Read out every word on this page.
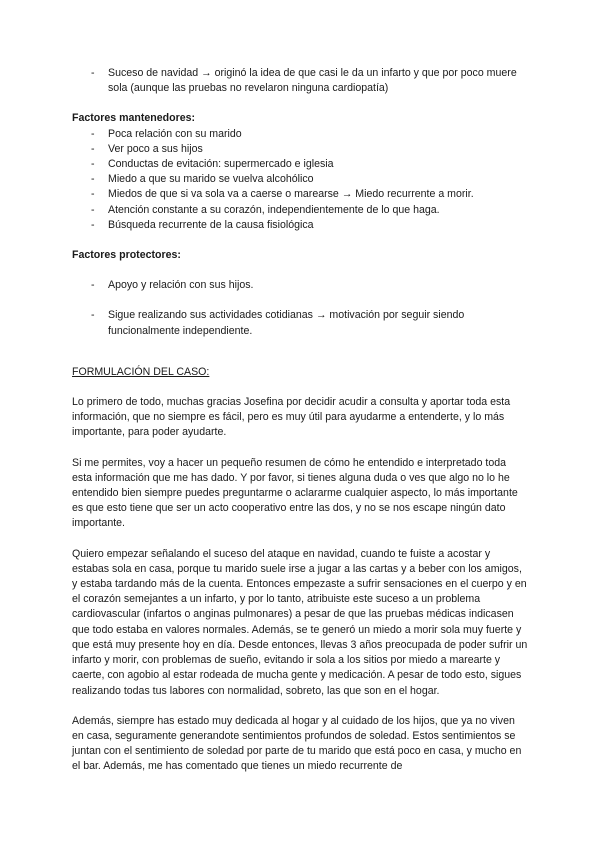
-	Suceso de navidad → originó la idea de que casi le da un infarto y que por poco muere sola (aunque las pruebas no revelaron ninguna cardiopatía)

Factores mantenedores:

-	Poca relación con su marido
-	Ver poco a sus hijos
-	Conductas de evitación: supermercado e iglesia
-	Miedo a que su marido se vuelva alcohólico
-	Miedos de que si va sola va a caerse o marearse → Miedo recurrente a morir.
-	Atención constante a su corazón, independientemente de lo que haga.
-	Búsqueda recurrente de la causa fisiológica

Factores protectores:

-	Apoyo y relación con sus hijos.
-	Sigue realizando sus actividades cotidianas → motivación por seguir siendo funcionalmente independiente.

FORMULACIÓN DEL CASO:

Lo primero de todo, muchas gracias Josefina por decidir acudir a consulta y aportar toda esta información, que no siempre es fácil, pero es muy útil para ayudarme a entenderte, y lo más importante, para poder ayudarte.

Si me permites, voy a hacer un pequeño resumen de cómo he entendido e interpretado toda esta información que me has dado. Y por favor, si tienes alguna duda o ves que algo no lo he entendido bien siempre puedes preguntarme o aclararme cualquier aspecto, lo más importante es que esto tiene que ser un acto cooperativo entre las dos, y no se nos escape ningún dato importante.

Quiero empezar señalando el suceso del ataque en navidad, cuando te fuiste a acostar y estabas sola en casa, porque tu marido suele irse a jugar a las cartas y a beber con los amigos, y estaba tardando más de la cuenta. Entonces empezaste a sufrir sensaciones en el cuerpo y en el corazón semejantes a un infarto, y por lo tanto, atribuiste este suceso a un problema cardiovascular (infartos o anginas pulmonares) a pesar de que las pruebas médicas indicasen que todo estaba en valores normales. Además, se te generó un miedo a morir sola muy fuerte y que está muy presente hoy en día. Desde entonces, llevas 3 años preocupada de poder sufrir un infarto y morir, con problemas de sueño, evitando ir sola a los sitios por miedo a marearte y caerte, con agobio al estar rodeada de mucha gente y medicación. A pesar de todo esto, sigues realizando todas tus labores con normalidad, sobreto, las que son en el hogar.

Además, siempre has estado muy dedicada al hogar y al cuidado de los hijos, que ya no viven en casa, seguramente generandote sentimientos profundos de soledad. Estos sentimientos se juntan con el sentimiento de soledad por parte de tu marido que está poco en casa, y mucho en el bar. Además, me has comentado que tienes un miedo recurrente de
